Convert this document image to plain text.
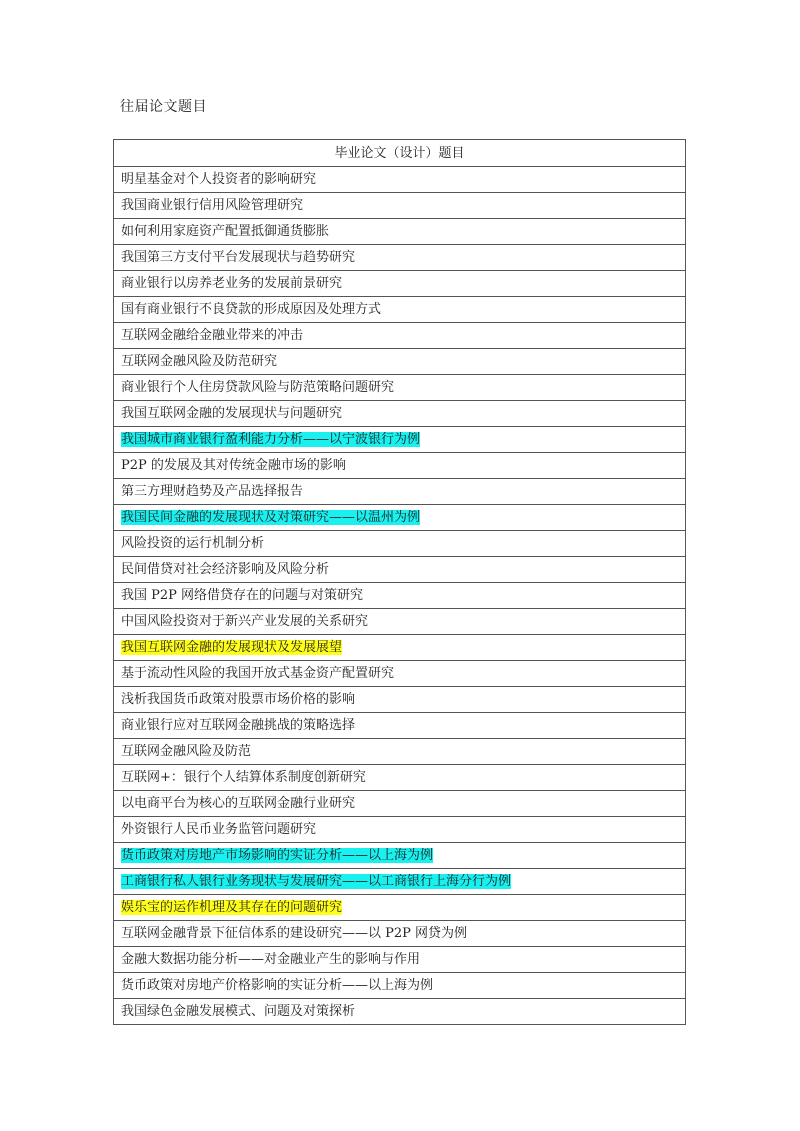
往届论文题目
毕业论文（设计）题目
明星基金对个人投资者的影响研究
我国商业银行信用风险管理研究
如何利用家庭资产配置抵御通货膨胀
我国第三方支付平台发展现状与趋势研究
商业银行以房养老业务的发展前景研究
国有商业银行不良贷款的形成原因及处理方式
互联网金融给金融业带来的冲击
互联网金融风险及防范研究
商业银行个人住房贷款风险与防范策略问题研究
我国互联网金融的发展现状与问题研究
我国城市商业银行盈利能力分析——以宁波银行为例
P2P 的发展及其对传统金融市场的影响
第三方理财趋势及产品选择报告
我国民间金融的发展现状及对策研究——以温州为例
风险投资的运行机制分析
民间借贷对社会经济影响及风险分析
我国 P2P 网络借贷存在的问题与对策研究
中国风险投资对于新兴产业发展的关系研究
我国互联网金融的发展现状及发展展望
基于流动性风险的我国开放式基金资产配置研究
浅析我国货币政策对股票市场价格的影响
商业银行应对互联网金融挑战的策略选择
互联网金融风险及防范
互联网+：银行个人结算体系制度创新研究
以电商平台为核心的互联网金融行业研究
外资银行人民币业务监管问题研究
货币政策对房地产市场影响的实证分析——以上海为例
工商银行私人银行业务现状与发展研究——以工商银行上海分行为例
娱乐宝的运作机理及其存在的问题研究
互联网金融背景下征信体系的建设研究——以 P2P 网贷为例
金融大数据功能分析——对金融业产生的影响与作用
货币政策对房地产价格影响的实证分析——以上海为例
我国绿色金融发展模式、问题及对策探析
